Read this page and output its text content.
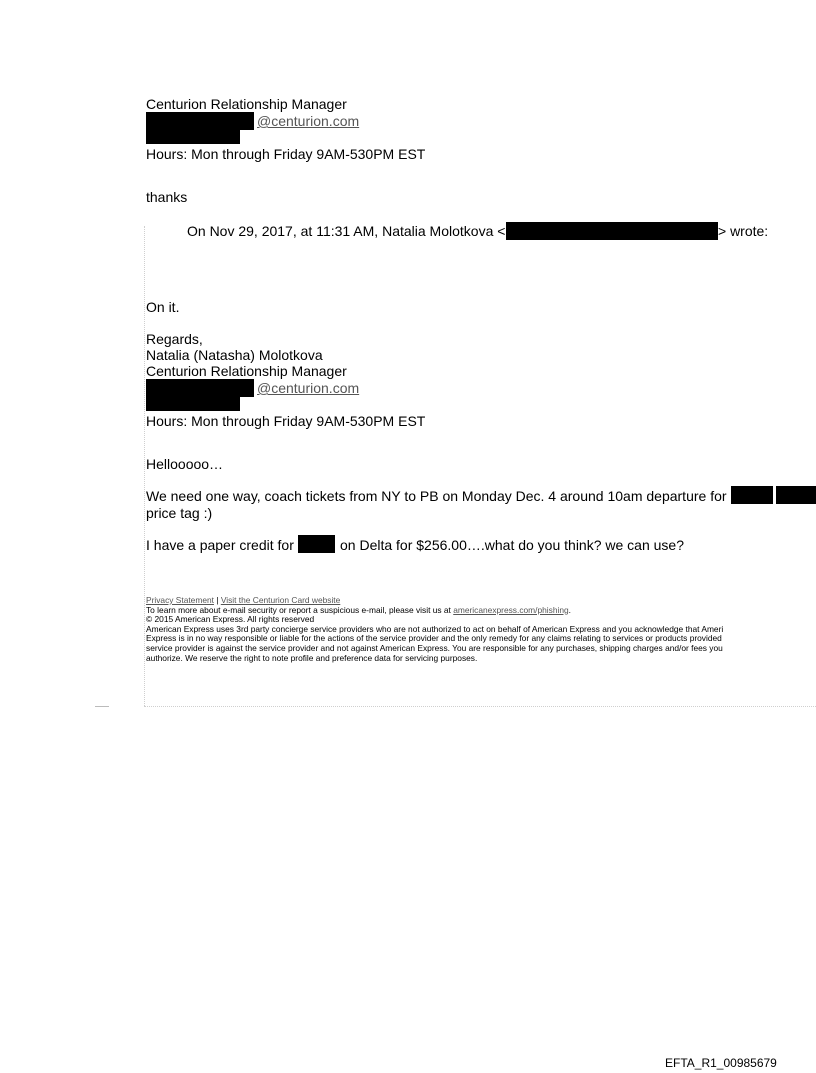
Centurion Relationship Manager
@centurion.com
Hours: Mon through Friday 9AM-530PM EST
thanks
On Nov 29, 2017, at 11:31 AM, Natalia Molotkova <	> wrote:
On it.
Regards,
Natalia (Natasha) Molotkova
Centurion Relationship Manager
@centurion.com
Hours: Mon through Friday 9AM-530PM EST
Hellooooo…
We need one way, coach tickets from NY to PB on Monday Dec. 4 around 10am departure for
price tag :)
I have a paper credit for	on Delta for $256.00….what do you think? we can use?
Privacy Statement | Visit the Centurion Card website
To learn more about e-mail security or report a suspicious e-mail, please visit us at americanexpress.com/phishing.
© 2015 American Express. All rights reserved
American Express uses 3rd party concierge service providers who are not authorized to act on behalf of American Express and you acknowledge that Ameri
Express is in no way responsible or liable for the actions of the service provider and the only remedy for any claims relating to services or products provided
service provider is against the service provider and not against American Express. You are responsible for any purchases, shipping charges and/or fees you
authorize. We reserve the right to note profile and preference data for servicing purposes.
EFTA_R1_00985679
